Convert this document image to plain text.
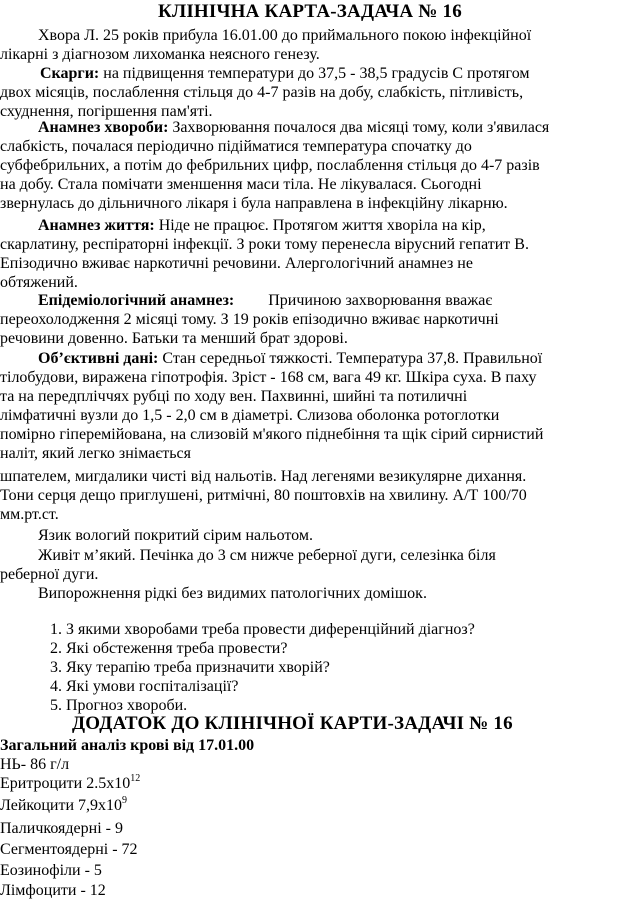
КЛІНІЧНА КАРТА-ЗАДАЧА № 16
Хвора Л. 25 років прибула 16.01.00 до приймального покою інфекційної
лікарні з діагнозом лихоманка неясного генезу.
Скарги: на підвищення температури до 37,5 - 38,5 градусів С протягом
двох місяців, послаблення стільця до 4-7 разів на добу, слабкість, пітливість,
схуднення, погіршення пам'яті.
Анамнез хвороби: Захворювання почалося два місяці тому, коли з'явилася
слабкість, почалася періодично підійматися температура спочатку до
субфебрильних, а потім до фебрильних цифр, послаблення стільця до 4-7 разів
на добу. Стала помічати зменшення маси тіла. Не лікувалася. Сьогодні
звернулась до дільничного лікаря і була направлена в інфекційну лікарню.
Анамнез життя: Ніде не працює. Протягом життя хворіла на кір,
скарлатину, респіраторні інфекції. З роки тому перенесла вірусний гепатит В.
Епізодично вживає наркотичні речовини. Алергологічний анамнез не
обтяжений.
Епідеміологічний анамнез: Причиною захворювання вважає
переохолодження 2 місяці тому. З 19 років епізодично вживає наркотичні
речовини довенно. Батьки та менший брат здорові.
Об’єктивні дані: Стан середньої тяжкості. Температура 37,8. Правильної
тілобудови, виражена гіпотрофія. Зріст - 168 см, вага 49 кг. Шкіра суха. В паху
та на передпліччях рубці по ходу вен. Пахвинні, шийні та потиличні
лімфатичні вузли до 1,5 - 2,0 см в діаметрі. Слизова оболонка ротоглотки
помірно гіперемійована, на слизовій м'якого піднебіння та щік сірий сирнистий
наліт, який легко знімається
шпателем, мигдалики чисті від нальотів. Над легенями везикулярне дихання.
Тони серця дещо приглушені, ритмічні, 80 поштовхів на хвилину. А/Т 100/70
мм.рт.ст.
Язик вологий покритий сірим нальотом.
Живіт м’який. Печінка до 3 см нижче реберної дуги, селезінка біля
реберної дуги.
Випорожнення рідкі без видимих патологічних домішок.
1. З якими хворобами треба провести диференційний діагноз?
2. Які обстеження треба провести?
3. Яку терапію треба призначити хворій?
4. Які умови госпіталізації?
5. Прогноз хвороби.
ДОДАТОК ДО КЛІНІЧНОЇ КАРТИ-ЗАДАЧІ № 16
Загальний аналіз крові від 17.01.00
НЬ- 86 г/л
Еритроцити $2.5х10^{12}$
Лейкоцити $7,9х10^9$
Паличкоядерні - 9
Сегментоядерні - 72
Еозинофіли - 5
Лімфоцити - 12
